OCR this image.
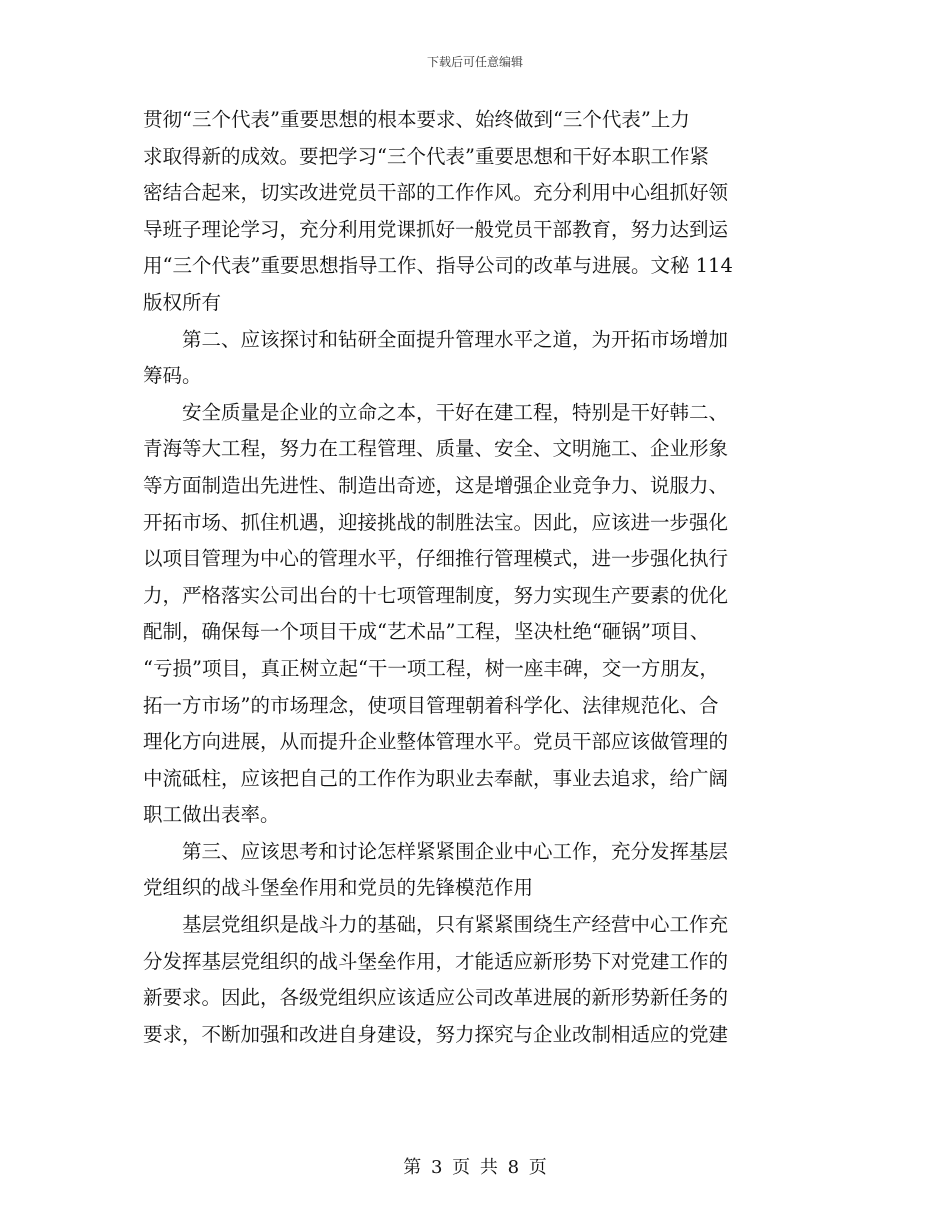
下载后可任意编辑
贯彻“三个代表”重要思想的根本要求、始终做到“三个代表”上力
求取得新的成效。要把学习“三个代表”重要思想和干好本职工作紧
密结合起来，切实改进党员干部的工作作风。充分利用中心组抓好领
导班子理论学习，充分利用党课抓好一般党员干部教育，努力达到运
用“三个代表”重要思想指导工作、指导公司的改革与进展。文秘 114
版权所有
第二、应该探讨和钻研全面提升管理水平之道，为开拓市场增加
筹码。
安全质量是企业的立命之本，干好在建工程，特别是干好韩二、
青海等大工程，努力在工程管理、质量、安全、文明施工、企业形象
等方面制造出先进性、制造出奇迹，这是增强企业竞争力、说服力、
开拓市场、抓住机遇，迎接挑战的制胜法宝。因此，应该进一步强化
以项目管理为中心的管理水平，仔细推行管理模式，进一步强化执行
力，严格落实公司出台的十七项管理制度，努力实现生产要素的优化
配制，确保每一个项目干成“艺术品”工程，坚决杜绝“砸锅”项目、
“亏损”项目，真正树立起“干一项工程，树一座丰碑，交一方朋友，
拓一方市场”的市场理念，使项目管理朝着科学化、法律规范化、合
理化方向进展，从而提升企业整体管理水平。党员干部应该做管理的
中流砥柱，应该把自己的工作作为职业去奉献，事业去追求，给广阔
职工做出表率。
第三、应该思考和讨论怎样紧紧围企业中心工作，充分发挥基层
党组织的战斗堡垒作用和党员的先锋模范作用
基层党组织是战斗力的基础，只有紧紧围绕生产经营中心工作充
分发挥基层党组织的战斗堡垒作用，才能适应新形势下对党建工作的
新要求。因此，各级党组织应该适应公司改革进展的新形势新任务的
要求，不断加强和改进自身建设，努力探究与企业改制相适应的党建
第 3 页 共 8 页
